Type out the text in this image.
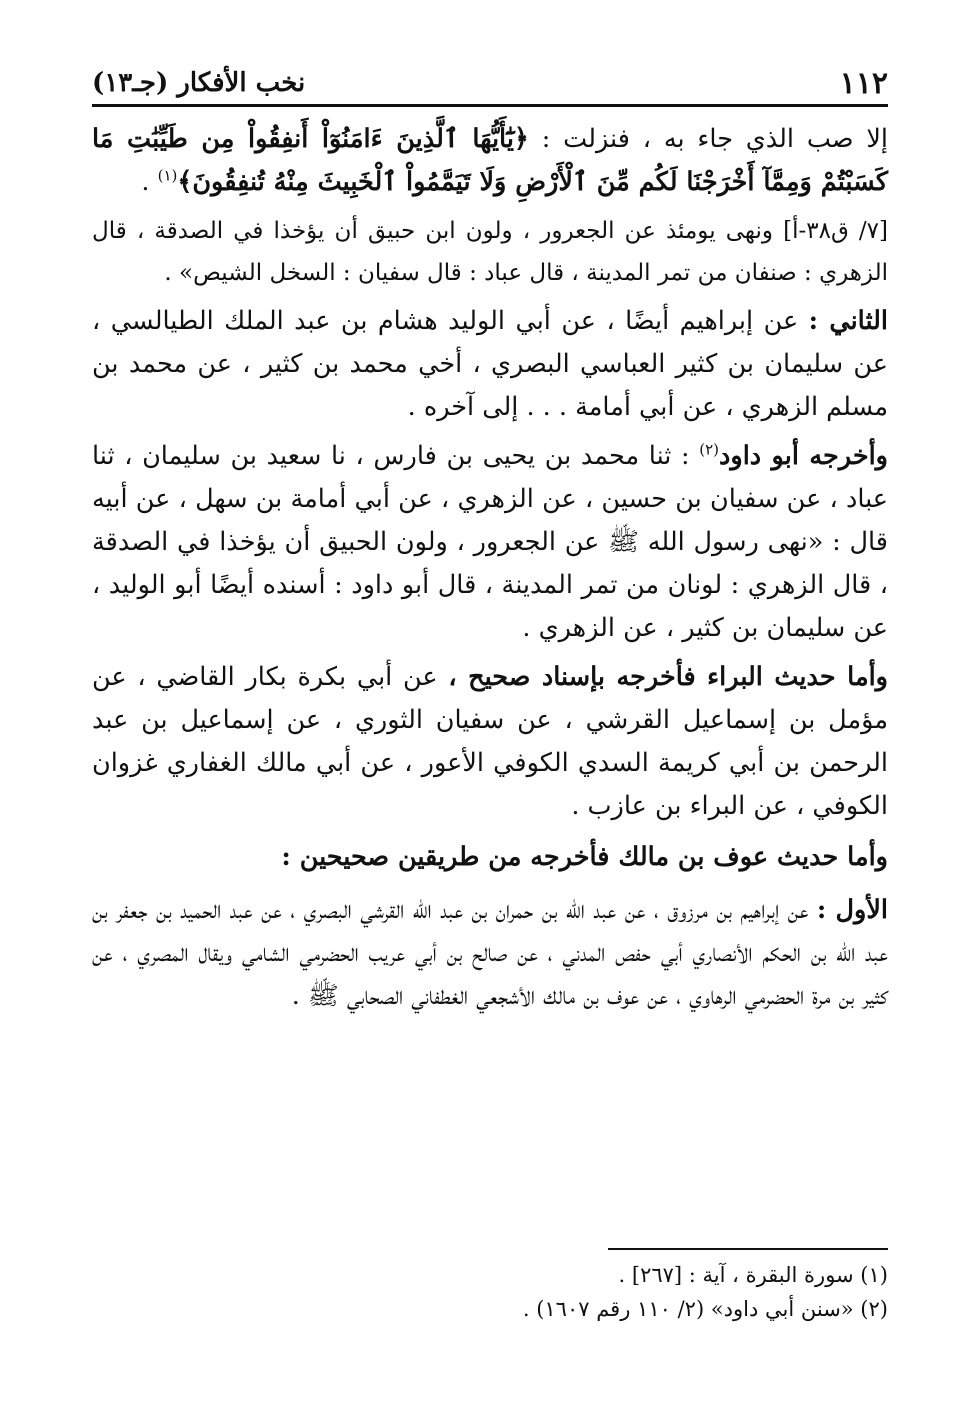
١١٢
نخب الأفكار (جـ١٣)

إلا صب الذي جاء به ، فنزلت : ﴿يَٰٓأَيُّهَا ٱلَّذِينَ ءَامَنُوٓاْ أَنفِقُواْ مِن طَيِّبَٰتِ مَا كَسَبْتُمْ وَمِمَّآ أَخْرَجْنَا لَكُم مِّنَ ٱلْأَرْضِ وَلَا تَيَمَّمُواْ ٱلْخَبِيثَ مِنْهُ تُنفِقُونَ﴾$^{(١)}$ .

[٧/ ق٣٨-أ] ونهى يومئذ عن الجعرور ، ولون ابن حبيق أن يؤخذا في الصدقة ، قال الزهري : صنفان من تمر المدينة ، قال عباد : قال سفيان : السخل الشيص» .

الثاني : عن إبراهيم أيضًا ، عن أبي الوليد هشام بن عبد الملك الطيالسي ، عن سليمان بن كثير العباسي البصري ، أخي محمد بن كثير ، عن محمد بن مسلم الزهري ، عن أبي أمامة . . . إلى آخره .

وأخرجه أبو داود$^{(٢)}$ : ثنا محمد بن يحيى بن فارس ، نا سعيد بن سليمان ، ثنا عباد ، عن سفيان بن حسين ، عن الزهري ، عن أبي أمامة بن سهل ، عن أبيه قال : «نهى رسول الله ﷺ عن الجعرور ، ولون الحبيق أن يؤخذا في الصدقة ، قال الزهري : لونان من تمر المدينة ، قال أبو داود : أسنده أيضًا أبو الوليد ، عن سليمان بن كثير ، عن الزهري .

وأما حديث البراء فأخرجه بإسناد صحيح ، عن أبي بكرة بكار القاضي ، عن مؤمل بن إسماعيل القرشي ، عن سفيان الثوري ، عن إسماعيل بن عبد الرحمن بن أبي كريمة السدي الكوفي الأعور ، عن أبي مالك الغفاري غزوان الكوفي ، عن البراء بن عازب .

وأما حديث عوف بن مالك فأخرجه من طريقين صحيحين :

الأول : عن إبراهيم بن مرزوق ، عن عبد الله بن حمران بن عبد الله القرشي البصري ، عن عبد الحميد بن جعفر بن عبد الله بن الحكم الأنصاري أبي حفص المدني ، عن صالح بن أبي عريب الحضرمي الشامي ويقال المصري ، عن كثير بن مرة الحضرمي الرهاوي ، عن عوف بن مالك الأشجعي الغطفاني الصحابي ﷺ .

(١) سورة البقرة ، آية : [٢٦٧] .

(٢) «سنن أبي داود» (٢/ ١١٠ رقم ١٦٠٧) .
